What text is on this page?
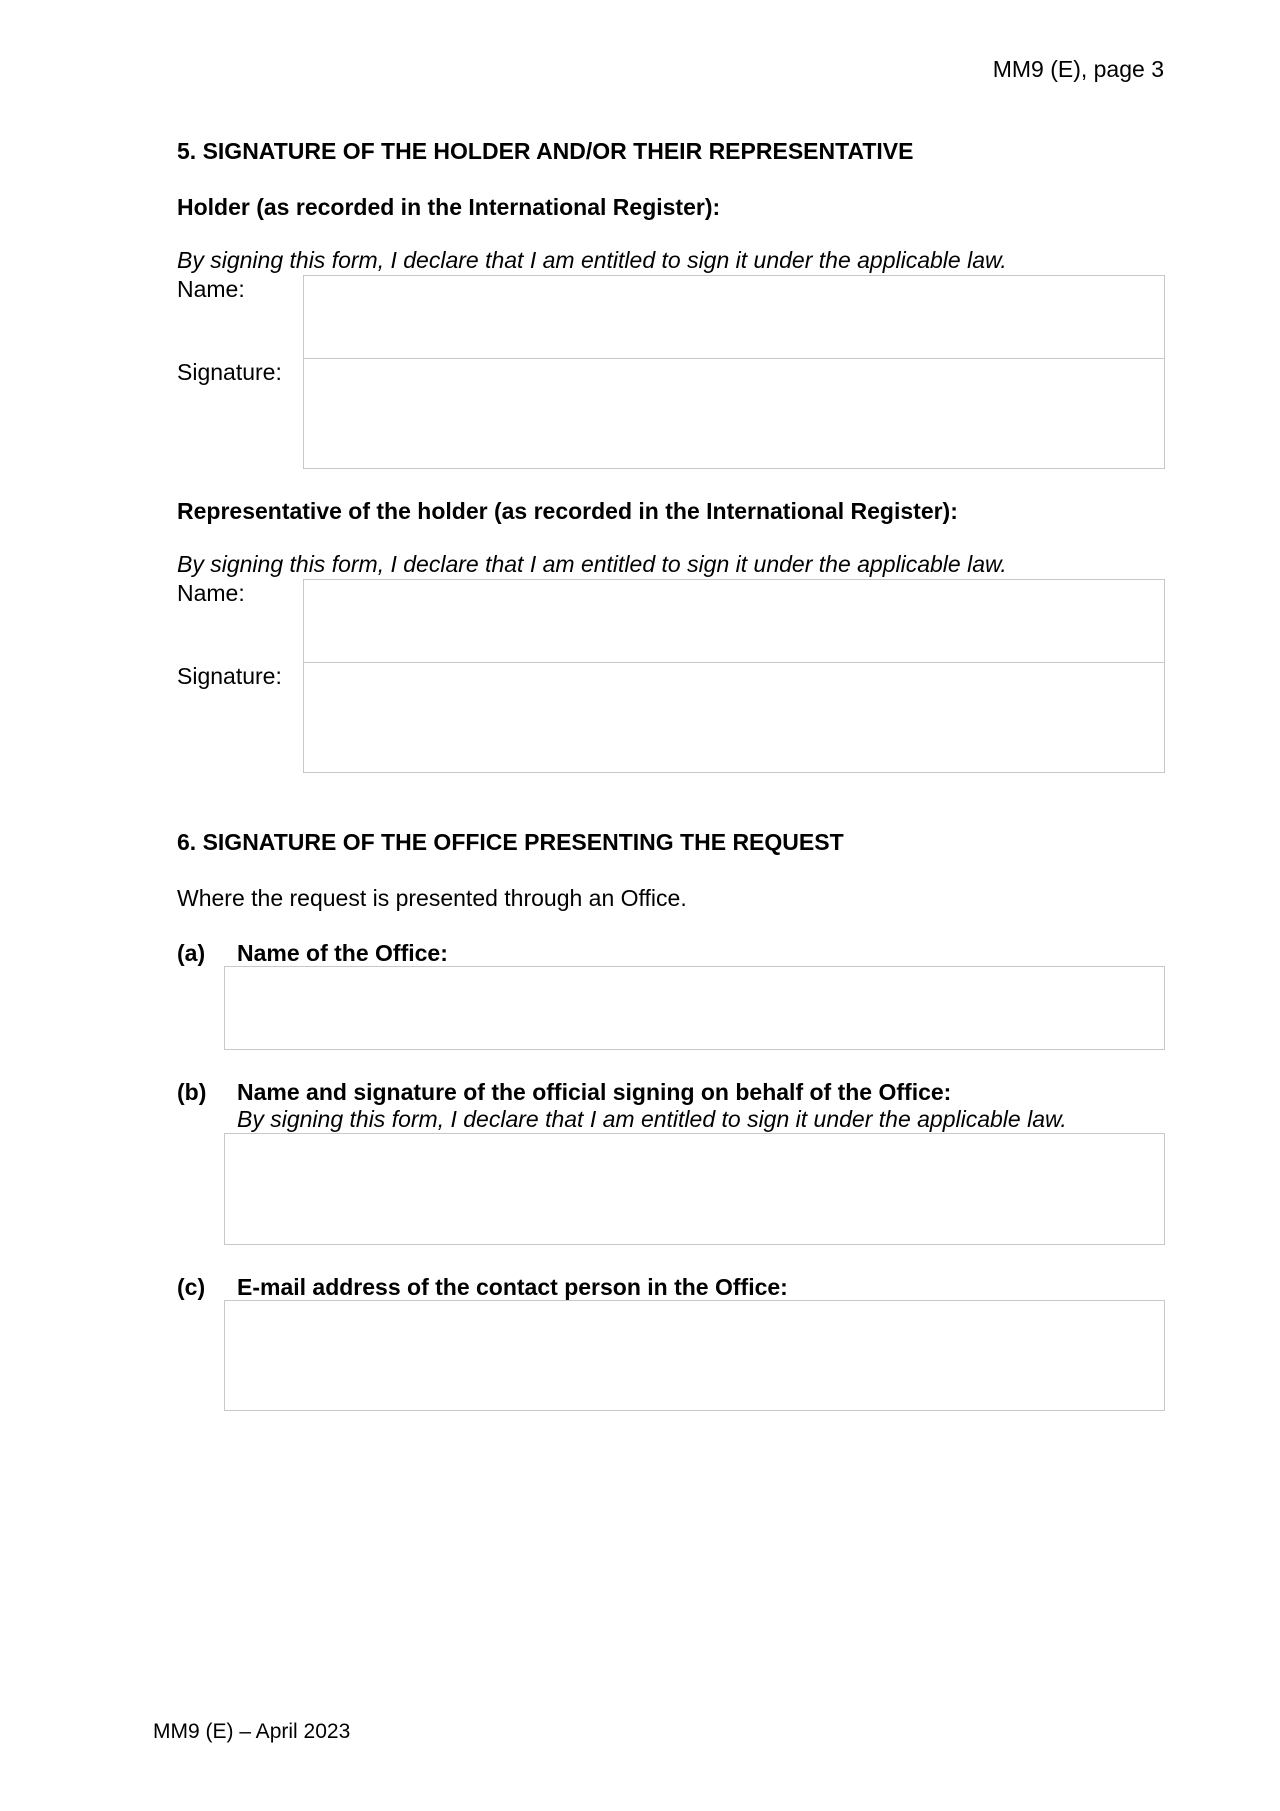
MM9 (E), page 3
5. SIGNATURE OF THE HOLDER AND/OR THEIR REPRESENTATIVE
Holder (as recorded in the International Register):
By signing this form, I declare that I am entitled to sign it under the applicable law.
Name:
Signature:
Representative of the holder (as recorded in the International Register):
By signing this form, I declare that I am entitled to sign it under the applicable law.
Name:
Signature:
6. SIGNATURE OF THE OFFICE PRESENTING THE REQUEST
Where the request is presented through an Office.
(a) Name of the Office:
(b) Name and signature of the official signing on behalf of the Office:
By signing this form, I declare that I am entitled to sign it under the applicable law.
(c) E-mail address of the contact person in the Office:
MM9 (E) – April 2023
